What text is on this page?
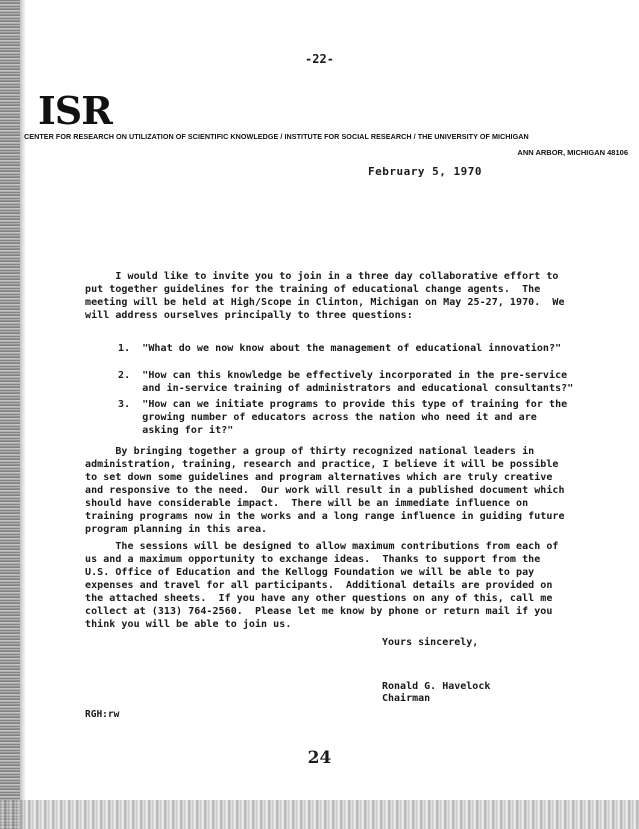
-22-
ISR
CENTER FOR RESEARCH ON UTILIZATION OF SCIENTIFIC KNOWLEDGE / INSTITUTE FOR SOCIAL RESEARCH / THE UNIVERSITY OF MICHIGAN
ANN ARBOR, MICHIGAN 48106
February 5, 1970
I would like to invite you to join in a three day collaborative effort to
put together guidelines for the training of educational change agents.  The
meeting will be held at High/Scope in Clinton, Michigan on May 25-27, 1970.  We
will address ourselves principally to three questions:
1.  "What do we now know about the management of educational innovation?"
2.  "How can this knowledge be effectively incorporated in the pre-service
and in-service training of administrators and educational consultants?"
3.  "How can we initiate programs to provide this type of training for the
growing number of educators across the nation who need it and are
asking for it?"
By bringing together a group of thirty recognized national leaders in
administration, training, research and practice, I believe it will be possible
to set down some guidelines and program alternatives which are truly creative
and responsive to the need.  Our work will result in a published document which
should have considerable impact.  There will be an immediate influence on
training programs now in the works and a long range influence in guiding future
program planning in this area.
The sessions will be designed to allow maximum contributions from each of
us and a maximum opportunity to exchange ideas.  Thanks to support from the
U.S. Office of Education and the Kellogg Foundation we will be able to pay
expenses and travel for all participants.  Additional details are provided on
the attached sheets.  If you have any other questions on any of this, call me
collect at (313) 764-2560.  Please let me know by phone or return mail if you
think you will be able to join us.
Yours sincerely,
Ronald G. Havelock
Chairman
RGH:rw
24
